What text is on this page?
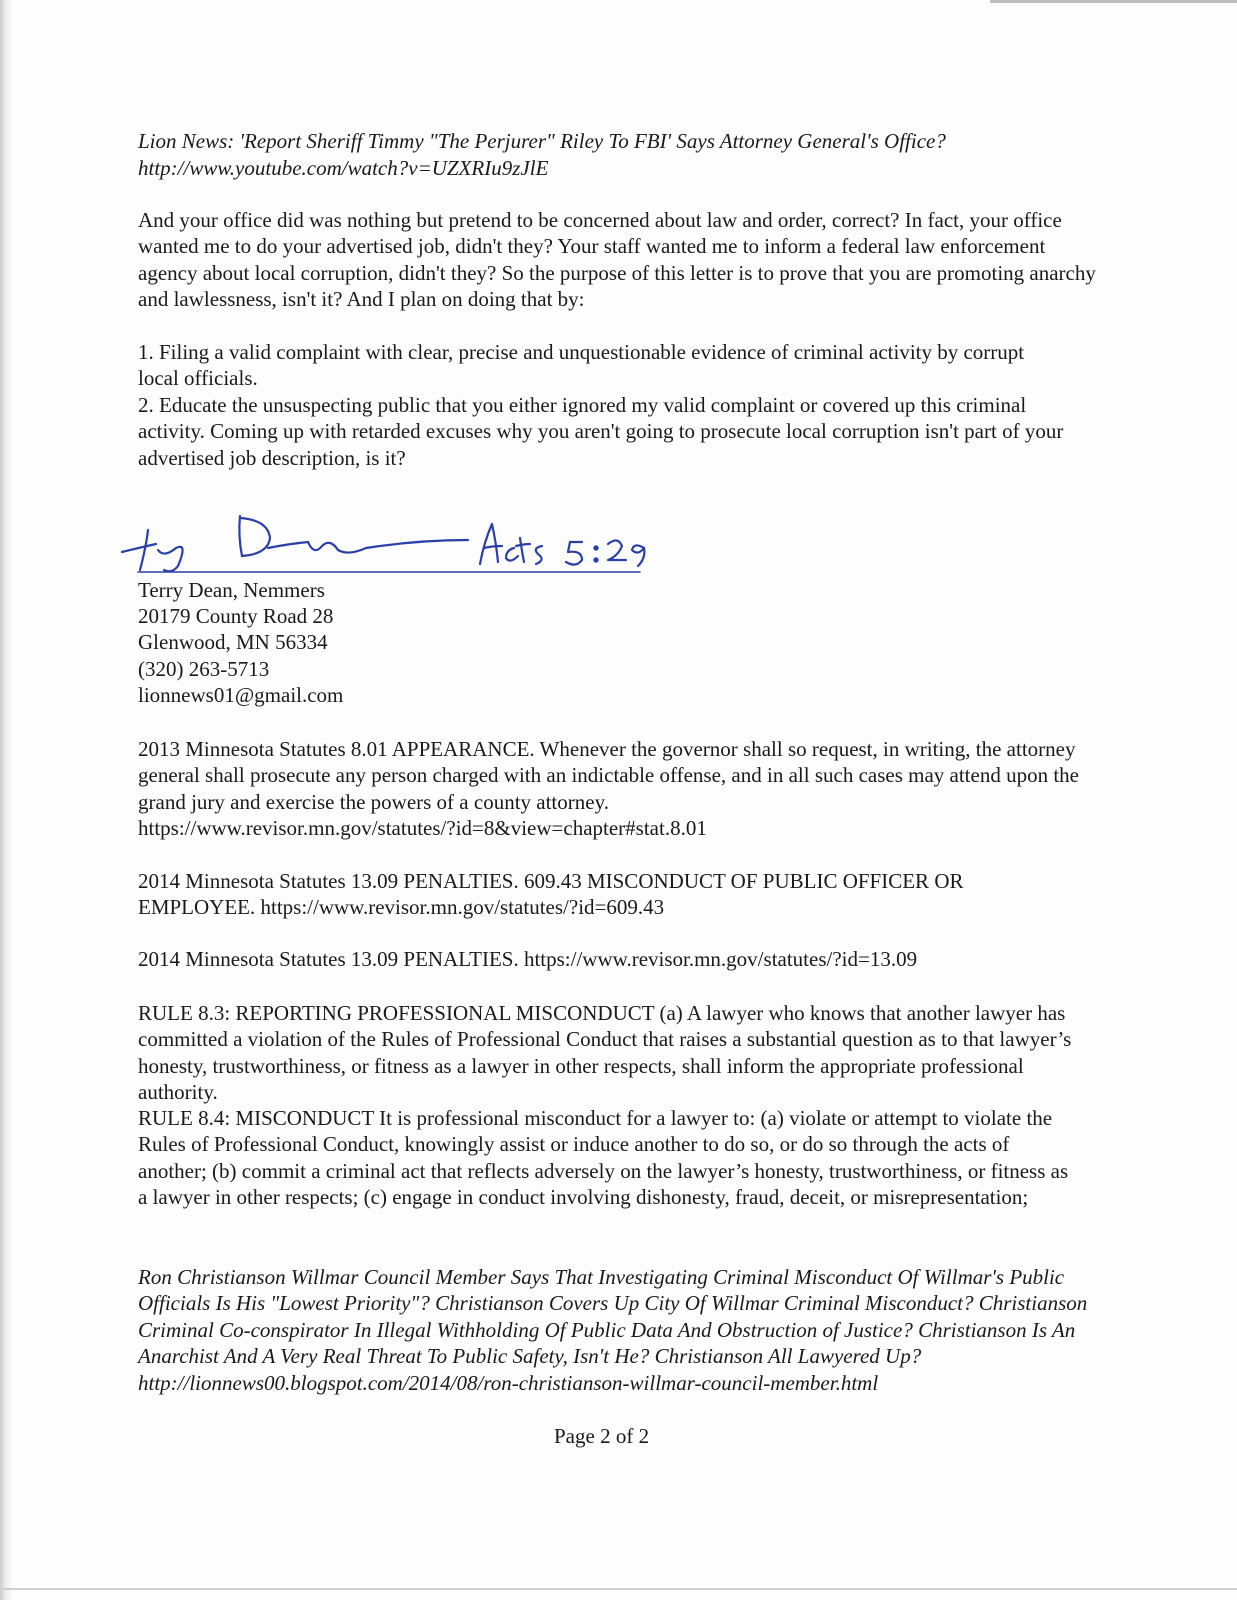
Lion News: 'Report Sheriff Timmy "The Perjurer" Riley To FBI' Says Attorney General's Office?

http://www.youtube.com/watch?v=UZXRIu9zJlE

And your office did was nothing but pretend to be concerned about law and order, correct? In fact, your office wanted me to do your advertised job, didn't they? Your staff wanted me to inform a federal law enforcement agency about local corruption, didn't they? So the purpose of this letter is to prove that you are promoting anarchy and lawlessness, isn't it? And I plan on doing that by:

1. Filing a valid complaint with clear, precise and unquestionable evidence of criminal activity by corrupt local officials.

2. Educate the unsuspecting public that you either ignored my valid complaint or covered up this criminal activity. Coming up with retarded excuses why you aren't going to prosecute local corruption isn't part of your advertised job description, is it?

Terry Dean, Nemmers

20179 County Road 28

Glenwood, MN 56334

(320) 263-5713

lionnews01@gmail.com

2013 Minnesota Statutes 8.01 APPEARANCE. Whenever the governor shall so request, in writing, the attorney general shall prosecute any person charged with an indictable offense, and in all such cases may attend upon the grand jury and exercise the powers of a county attorney.
https://www.revisor.mn.gov/statutes/?id=8&view=chapter#stat.8.01

2014 Minnesota Statutes 13.09 PENALTIES. 609.43 MISCONDUCT OF PUBLIC OFFICER OR EMPLOYEE. https://www.revisor.mn.gov/statutes/?id=609.43

2014 Minnesota Statutes 13.09 PENALTIES. https://www.revisor.mn.gov/statutes/?id=13.09

RULE 8.3: REPORTING PROFESSIONAL MISCONDUCT (a) A lawyer who knows that another lawyer has committed a violation of the Rules of Professional Conduct that raises a substantial question as to that lawyer’s honesty, trustworthiness, or fitness as a lawyer in other respects, shall inform the appropriate professional authority.

RULE 8.4: MISCONDUCT It is professional misconduct for a lawyer to: (a) violate or attempt to violate the Rules of Professional Conduct, knowingly assist or induce another to do so, or do so through the acts of another; (b) commit a criminal act that reflects adversely on the lawyer’s honesty, trustworthiness, or fitness as a lawyer in other respects; (c) engage in conduct involving dishonesty, fraud, deceit, or misrepresentation;

Ron Christianson Willmar Council Member Says That Investigating Criminal Misconduct Of Willmar's Public Officials Is His "Lowest Priority"? Christianson Covers Up City Of Willmar Criminal Misconduct? Christianson Criminal Co-conspirator In Illegal Withholding Of Public Data And Obstruction of Justice? Christianson Is An Anarchist And A Very Real Threat To Public Safety, Isn't He? Christianson All Lawyered Up? http://lionnews00.blogspot.com/2014/08/ron-christianson-willmar-council-member.html

Page 2 of 2
